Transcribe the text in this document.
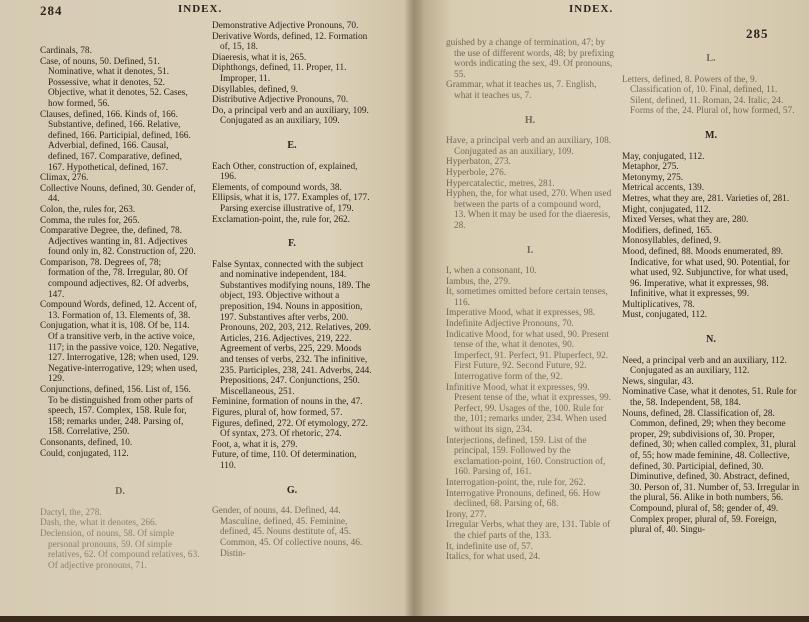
284	INDEX.

Cardinals, 78.

Case, of nouns, 50. Defined, 51. Nominative, what it denotes, 51. Possessive, what it denotes, 52. Objective, what it denotes, 52. Cases, how formed, 56.

Clauses, defined, 166. Kinds of, 166. Substantive, defined, 166. Relative, defined, 166. Participial, defined, 166. Adverbial, defined, 166. Causal, defined, 167. Comparative, defined, 167. Hypothetical, defined, 167.

Climax, 276.

Collective Nouns, defined, 30. Gender of, 44.

Colon, the, rules for, 263.

Comma, the rules for, 265.

Comparative Degree, the, defined, 78. Adjectives wanting in, 81. Adjectives found only in, 82. Construction of, 220.

Comparison, 78. Degrees of, 78; formation of the, 78. Irregular, 80. Of compound adjectives, 82. Of adverbs, 147.

Compound Words, defined, 12. Accent of, 13. Formation of, 13. Elements of, 38.

Conjugation, what it is, 108. Of be, 114. Of a transitive verb, in the active voice, 117; in the passive voice, 120. Negative, 127. Interrogative, 128; when used, 129. Negative-interrogative, 129; when used, 129.

Conjunctions, defined, 156. List of, 156. To be distinguished from other parts of speech, 157. Complex, 158. Rule for, 158; remarks under, 248. Parsing of, 158. Correlative, 250.

Consonants, defined, 10.

Could, conjugated, 112.

D.

Dactyl, the, 278.

Dash, the, what it denotes, 266.

Declension, of nouns, 58. Of simple personal pronouns, 59. Of simple relatives, 62. Of compound relatives, 63. Of adjective pronouns, 71.

Demonstrative Adjective Pronouns, 70.

Derivative Words, defined, 12. Formation of, 15, 18.

Diaeresis, what it is, 265.

Diphthongs, defined, 11. Proper, 11. Improper, 11.

Disyllables, defined, 9.

Distributive Adjective Pronouns, 70.

Do, a principal verb and an auxiliary, 109. Conjugated as an auxiliary, 109.

E.

Each Other, construction of, explained, 196.

Elements, of compound words, 38.

Ellipsis, what it is, 177. Examples of, 177. Parsing exercise illustrative of, 179.

Exclamation-point, the, rule for, 262.

F.

False Syntax, connected with the subject and nominative independent, 184. Substantives modifying nouns, 189. The object, 193. Objective without a preposition, 194. Nouns in apposition, 197. Substantives after verbs, 200. Pronouns, 202, 203, 212. Relatives, 209. Articles, 216. Adjectives, 219, 222. Agreement of verbs, 225, 229. Moods and tenses of verbs, 232. The infinitive, 235. Participles, 238, 241. Adverbs, 244. Prepositions, 247. Conjunctions, 250. Miscellaneous, 251.

Feminine, formation of nouns in the, 47.

Figures, plural of, how formed, 57.

Figures, defined, 272. Of etymology, 272. Of syntax, 273. Of rhetoric, 274.

Foot, a, what it is, 279.

Future, of time, 110. Of determination, 110.

G.

Gender, of nouns, 44. Defined, 44. Masculine, defined, 45. Feminine, defined, 45. Nouns destitute of, 45. Common, 45. Of collective nouns, 46. Distin-

INDEX.
285

guished by a change of termination, 47; by the use of different words, 48; by prefixing words indicating the sex, 49. Of pronouns, 55.

Grammar, what it teaches us, 7. English, what it teaches us, 7.

H.

Have, a principal verb and an auxiliary, 108. Conjugated as an auxiliary, 109.

Hyperbaton, 273.

Hyperbole, 276.

Hypercatalectic, metres, 281.

Hyphen, the, for what used, 270. When used between the parts of a compound word, 13. When it may be used for the diaeresis, 28.

I.

I, when a consonant, 10.

Iambus, the, 279.

It, sometimes omitted before certain tenses, 116.

Imperative Mood, what it expresses, 98.

Indefinite Adjective Pronouns, 70.

Indicative Mood, for what used, 90. Present tense of the, what it denotes, 90. Imperfect, 91. Perfect, 91. Pluperfect, 92. First Future, 92. Second Future, 92. Interrogative form of the, 92.

Infinitive Mood, what it expresses, 99. Present tense of the, what it expresses, 99. Perfect, 99. Usages of the, 100. Rule for the, 101; remarks under, 234. When used without its sign, 234.

Interjections, defined, 159. List of the principal, 159. Followed by the exclamation-point, 160. Construction of, 160. Parsing of, 161.

Interrogation-point, the, rule for, 262.

Interrogative Pronouns, defined, 66. How declined, 68. Parsing of, 68.

Irony, 277.

Irregular Verbs, what they are, 131. Table of the chief parts of the, 133.

It, indefinite use of, 57.

Italics, for what used, 24.

L.

Letters, defined, 8. Powers of the, 9. Classification of, 10. Final, defined, 11. Silent, defined, 11. Roman, 24. Italic, 24. Forms of the, 24. Plural of, how formed, 57.

M.

May, conjugated, 112.

Metaphor, 275.

Metonymy, 275.

Metrical accents, 139.

Metres, what they are, 281. Varieties of, 281.

Might, conjugated, 112.

Mixed Verses, what they are, 280.

Modifiers, defined, 165.

Monosyllables, defined, 9.

Mood, defined, 88. Moods enumerated, 89. Indicative, for what used, 90. Potential, for what used, 92. Subjunctive, for what used, 96. Imperative, what it expresses, 98. Infinitive, what it expresses, 99.

Multiplicatives, 78.

Must, conjugated, 112.

N.

Need, a principal verb and an auxiliary, 112. Conjugated as an auxiliary, 112.

News, singular, 43.

Nominative Case, what it denotes, 51. Rule for the, 58. Independent, 58, 184.

Nouns, defined, 28. Classification of, 28. Common, defined, 29; when they become proper, 29; subdivisions of, 30. Proper, defined, 30; when called complex, 31, plural of, 55; how made feminine, 48. Collective, defined, 30. Participial, defined, 30. Diminutive, defined, 30. Abstract, defined, 30. Person of, 31. Number of, 53. Irregular in the plural, 56. Alike in both numbers, 56. Compound, plural of, 58; gender of, 49. Complex proper, plural of, 59. Foreign, plural of, 40. Singu-
